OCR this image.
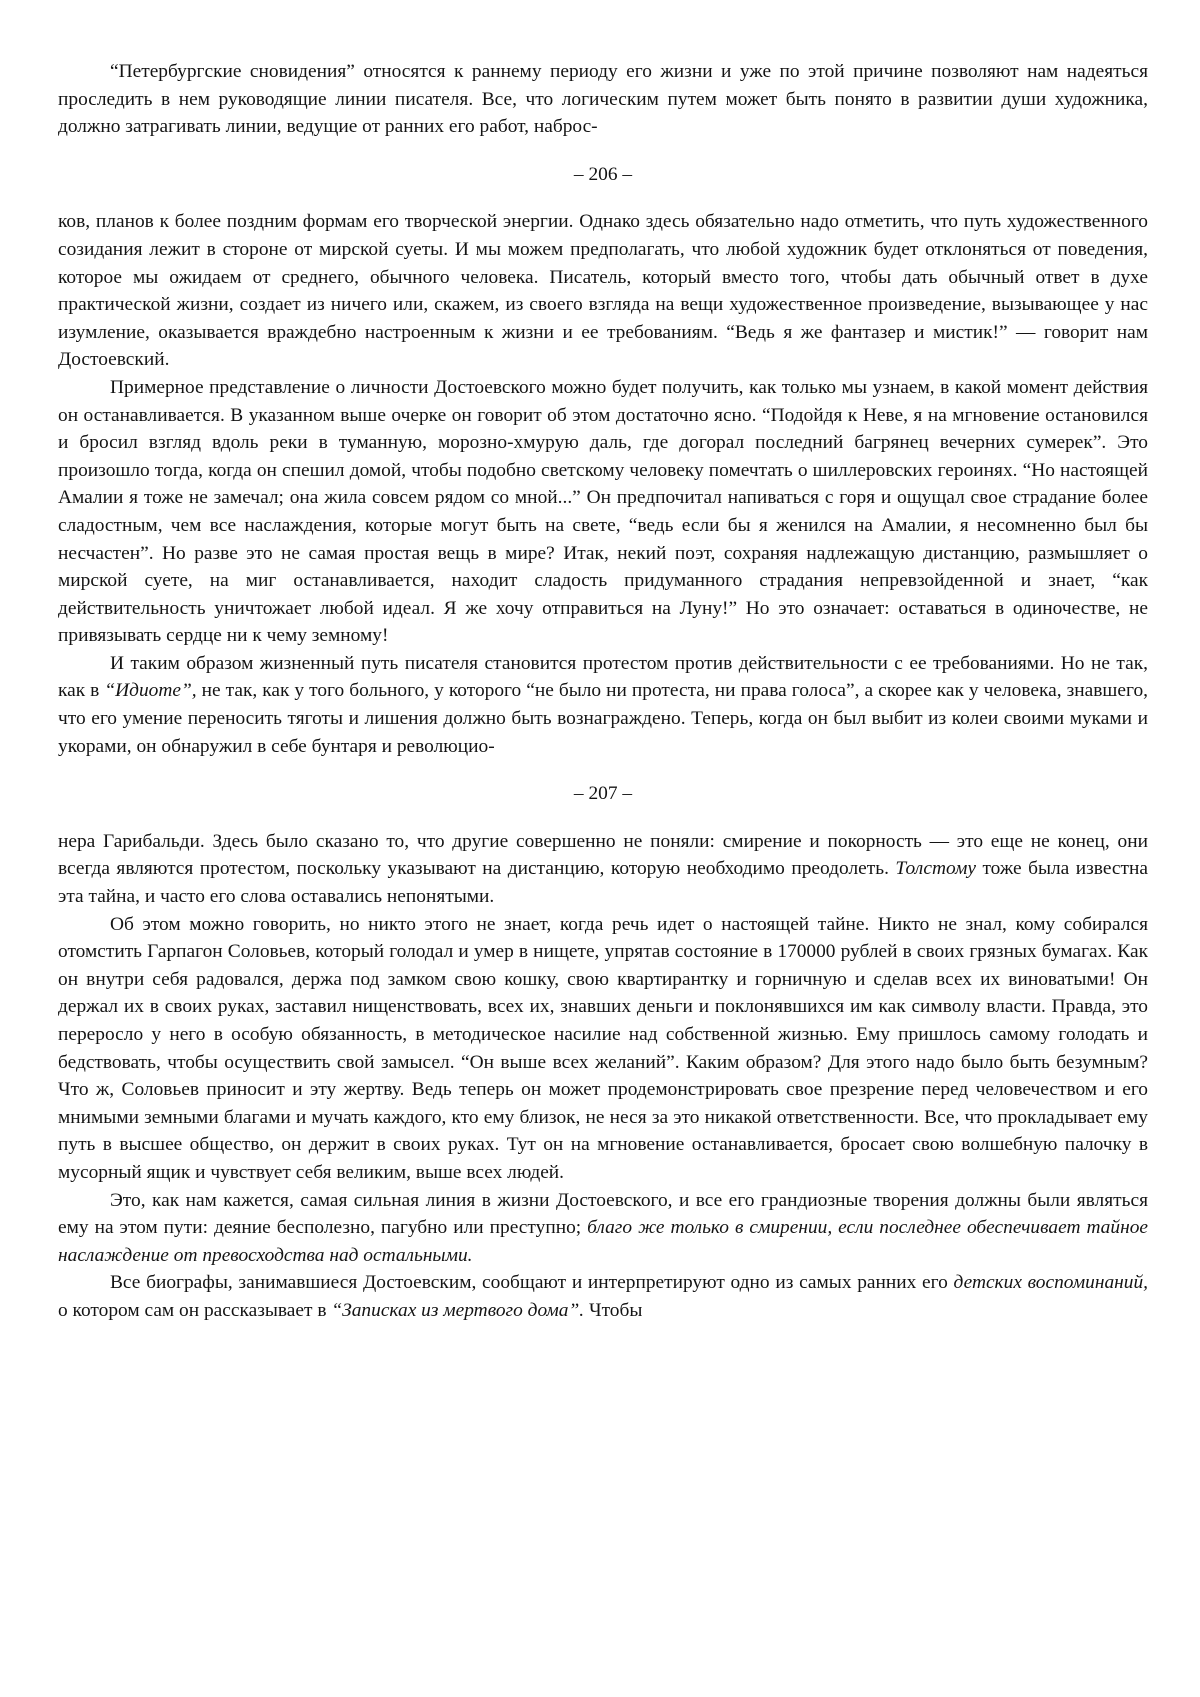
“Петербургские сновидения” относятся к раннему периоду его жизни и уже по этой причине позволяют нам надеяться проследить в нем руководящие линии писателя. Все, что логическим путем может быть понято в развитии души художника, должно затрагивать линии, ведущие от ранних его работ, наброс-

– 206 –

ков, планов к более поздним формам его творческой энергии. Однако здесь обязательно надо отметить, что путь художественного созидания лежит в стороне от мирской суеты. И мы можем предполагать, что любой художник будет отклоняться от поведения, которое мы ожидаем от среднего, обычного человека. Писатель, который вместо того, чтобы дать обычный ответ в духе практической жизни, создает из ничего или, скажем, из своего взгляда на вещи художественное произведение, вызывающее у нас изумление, оказывается враждебно настроенным к жизни и ее требованиям. “Ведь я же фантазер и мистик!” — говорит нам Достоевский.

Примерное представление о личности Достоевского можно будет получить, как только мы узнаем, в какой момент действия он останавливается. В указанном выше очерке он говорит об этом достаточно ясно. “Подойдя к Неве, я на мгновение остановился и бросил взгляд вдоль реки в туманную, морозно-хмурую даль, где догорал последний багрянец вечерних сумерек”. Это произошло тогда, когда он спешил домой, чтобы подобно светскому человеку помечтать о шиллеровских героинях. “Но настоящей Амалии я тоже не замечал; она жила совсем рядом со мной...” Он предпочитал напиваться с горя и ощущал свое страдание более сладостным, чем все наслаждения, которые могут быть на свете, “ведь если бы я женился на Амалии, я несомненно был бы несчастен”. Но разве это не самая простая вещь в мире? Итак, некий поэт, сохраняя надлежащую дистанцию, размышляет о мирской суете, на миг останавливается, находит сладость придуманного страдания непревзойденной и знает, “как действительность уничтожает любой идеал. Я же хочу отправиться на Луну!” Но это означает: оставаться в одиночестве, не привязывать сердце ни к чему земному!

И таким образом жизненный путь писателя становится протестом против действительности с ее требованиями. Но не так, как в “Идиоте”, не так, как у того больного, у которого “не было ни протеста, ни права голоса”, а скорее как у человека, знавшего, что его умение переносить тяготы и лишения должно быть вознаграждено. Теперь, когда он был выбит из колеи своими муками и укорами, он обнаружил в себе бунтаря и революцио-

– 207 –

нера Гарибальди. Здесь было сказано то, что другие совершенно не поняли: смирение и покорность — это еще не конец, они всегда являются протестом, поскольку указывают на дистанцию, которую необходимо преодолеть. Толстому тоже была известна эта тайна, и часто его слова оставались непонятыми.

Об этом можно говорить, но никто этого не знает, когда речь идет о настоящей тайне. Никто не знал, кому собирался отомстить Гарпагон Соловьев, который голодал и умер в нищете, упрятав состояние в 170000 рублей в своих грязных бумагах. Как он внутри себя радовался, держа под замком свою кошку, свою квартирантку и горничную и сделав всех их виноватыми! Он держал их в своих руках, заставил нищенствовать, всех их, знавших деньги и поклонявшихся им как символу власти. Правда, это переросло у него в особую обязанность, в методическое насилие над собственной жизнью. Ему пришлось самому голодать и бедствовать, чтобы осуществить свой замысел. “Он выше всех желаний”. Каким образом? Для этого надо было быть безумным? Что ж, Соловьев приносит и эту жертву. Ведь теперь он может продемонстрировать свое презрение перед человечеством и его мнимыми земными благами и мучать каждого, кто ему близок, не неся за это никакой ответственности. Все, что прокладывает ему путь в высшее общество, он держит в своих руках. Тут он на мгновение останавливается, бросает свою волшебную палочку в мусорный ящик и чувствует себя великим, выше всех людей.

Это, как нам кажется, самая сильная линия в жизни Достоевского, и все его грандиозные творения должны были являться ему на этом пути: деяние бесполезно, пагубно или преступно; благо же только в смирении, если последнее обеспечивает тайное наслаждение от превосходства над остальными.

Все биографы, занимавшиеся Достоевским, сообщают и интерпретируют одно из самых ранних его детских воспоминаний, о котором сам он рассказывает в “Записках из мертвого дома”. Чтобы
